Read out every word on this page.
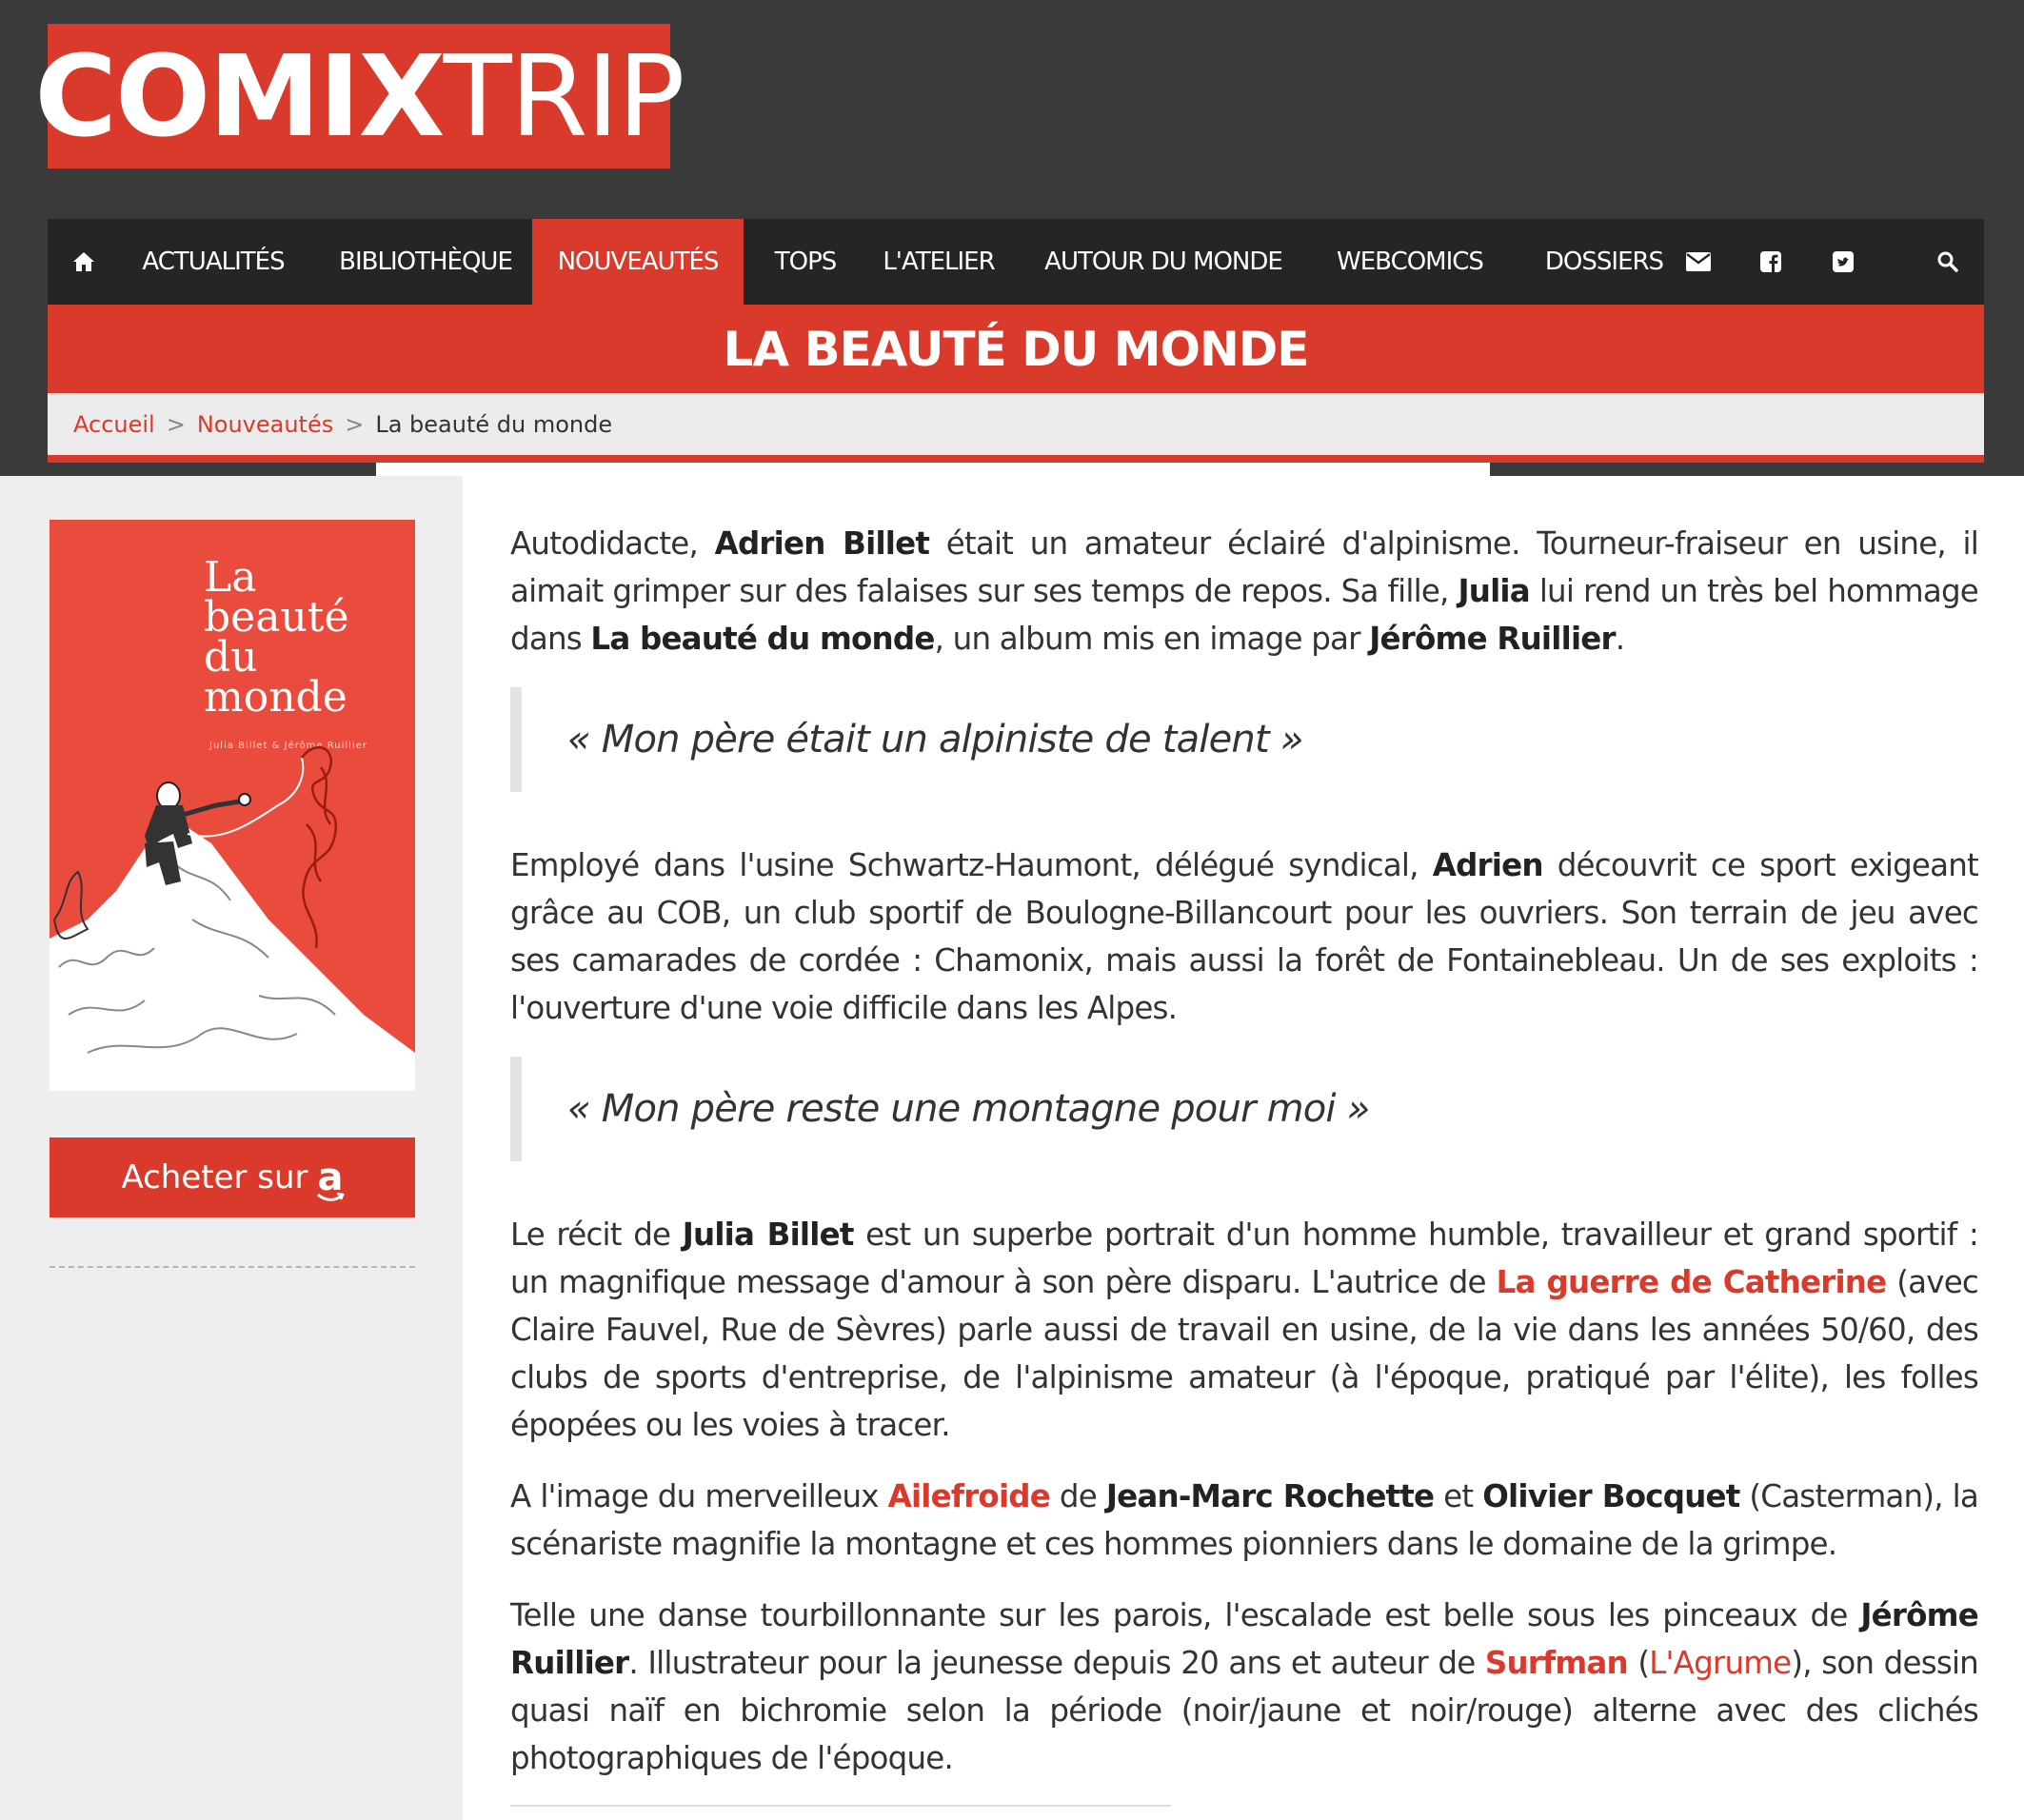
COMIX TRIP
ACTUALITÉS	BIBLIOTHÈQUE	NOUVEAUTÉS	TOPS	L'ATELIER	AUTOUR DU MONDE	WEBCOMICS	DOSSIERS
LA BEAUTÉ DU MONDE
Accueil > Nouveautés > La beauté du monde
La
beauté
du
monde
Julia Billet & Jérôme Ruillier
L'AGRUME
Acheter sur a

Autodidacte, Adrien Billet était un amateur éclairé d'alpinisme. Tourneur-fraiseur en usine, il aimait grimper sur des falaises sur ses temps de repos. Sa fille, Julia lui rend un très bel hommage dans La beauté du monde, un album mis en image par Jérôme Ruillier.

« Mon père était un alpiniste de talent »

Employé dans l'usine Schwartz-Haumont, délégué syndical, Adrien découvrit ce sport exigeant grâce au COB, un club sportif de Boulogne-Billancourt pour les ouvriers. Son terrain de jeu avec ses camarades de cordée : Chamonix, mais aussi la forêt de Fontainebleau. Un de ses exploits : l'ouverture d'une voie difficile dans les Alpes.

« Mon père reste une montagne pour moi »

Le récit de Julia Billet est un superbe portrait d'un homme humble, travailleur et grand sportif : un magnifique message d'amour à son père disparu. L'autrice de La guerre de Catherine (avec Claire Fauvel, Rue de Sèvres) parle aussi de travail en usine, de la vie dans les années 50/60, des clubs de sports d'entreprise, de l'alpinisme amateur (à l'époque, pratiqué par l'élite), les folles épopées ou les voies à tracer.

A l'image du merveilleux Ailefroide de Jean-Marc Rochette et Olivier Bocquet (Casterman), la scénariste magnifie la montagne et ces hommes pionniers dans le domaine de la grimpe.

Telle une danse tourbillonnante sur les parois, l'escalade est belle sous les pinceaux de Jérôme Ruillier. Illustrateur pour la jeunesse depuis 20 ans et auteur de Surfman (L'Agrume), son dessin quasi naïf en bichromie selon la période (noir/jaune et noir/rouge) alterne avec des clichés photographiques de l'époque.
